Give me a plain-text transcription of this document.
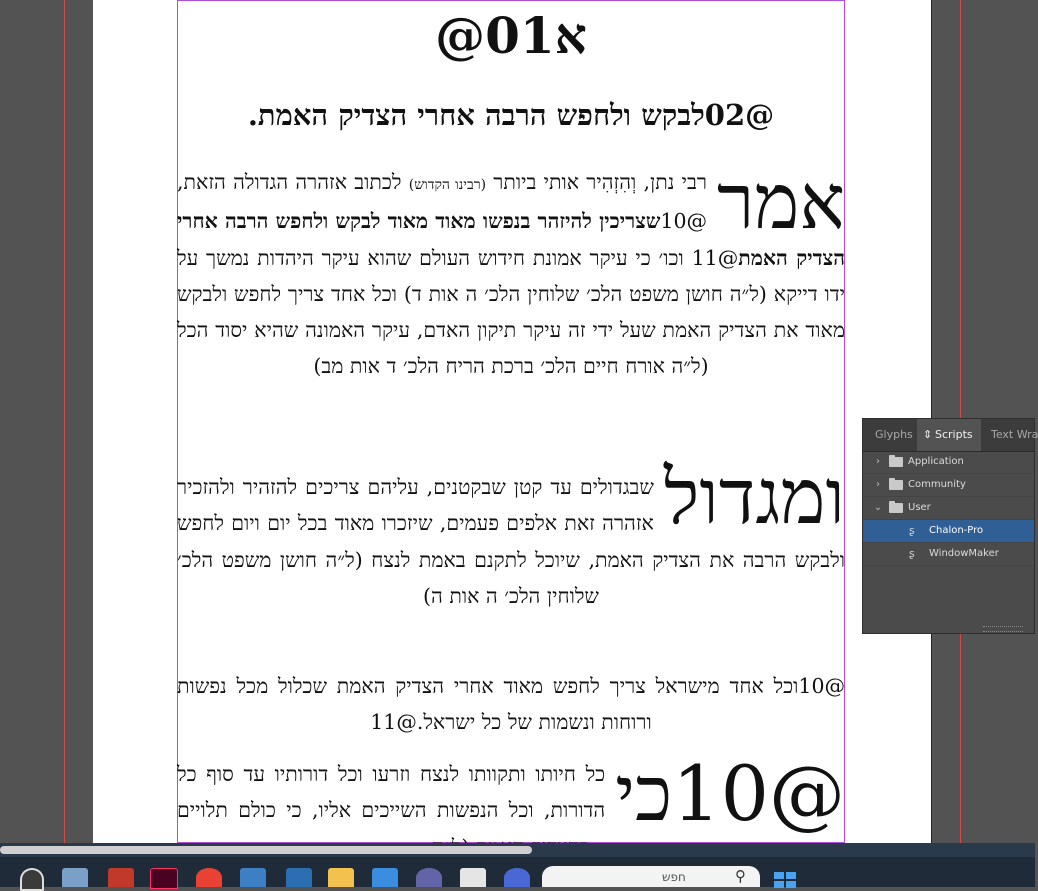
א01@
@02לבקש ולחפש הרבה אחרי הצדיק האמת.
אמר
רבי נתן, וְהִזְהִיר אותי ביותר (רבינו הקדוש) לכתוב אזהרה הגדולה הזאת, @10שצריכין להיזהר בנפשו מאוד מאוד לבקש ולחפש הרבה אחרי הצדיק האמת@11 וכו׳ כי עיקר אמונת חידוש העולם שהוא עיקר היהדות נמשך על ידו דייקא (ל״ה חושן משפט הלכ׳ שלוחין הלכ׳ ה אות ד) וכל אחד צריך לחפש ולבקש מאוד את הצדיק האמת שעל ידי זה עיקר תיקון האדם, עיקר האמונה שהיא יסוד הכל (ל״ה אורח חיים הלכ׳ ברכת הריח הלכ׳ ד אות מב)
ומגדול
שבגדולים עד קטן שבקטנים, עליהם צריכים להזהיר ולהזכיר אזהרה זאת אלפים פעמים, שיזכרו מאוד בכל יום ויום לחפש ולבקש הרבה את הצדיק האמת, שיוכל לתקנם באמת לנצח (ל״ה חושן משפט הלכ׳ שלוחין הלכ׳ ה אות ה)
@10וכל אחד מישראל צריך לחפש מאוד אחרי הצדיק האמת שכלול מכל נפשות ורוחות ונשמות של כל ישראל.@11
@10כי
כל חיותו ותקוותו לנצח וזרעו וכל דורותיו עד סוף כל הדורות, וכל הנפשות השייכים אליו, כי כולם תלויים
Glyphs ⇕ Scripts Text Wra
›	Application
›	Community
⌄	User
ʂ Chalon-Pro
ʂ WindowMaker
חפש	⚲
